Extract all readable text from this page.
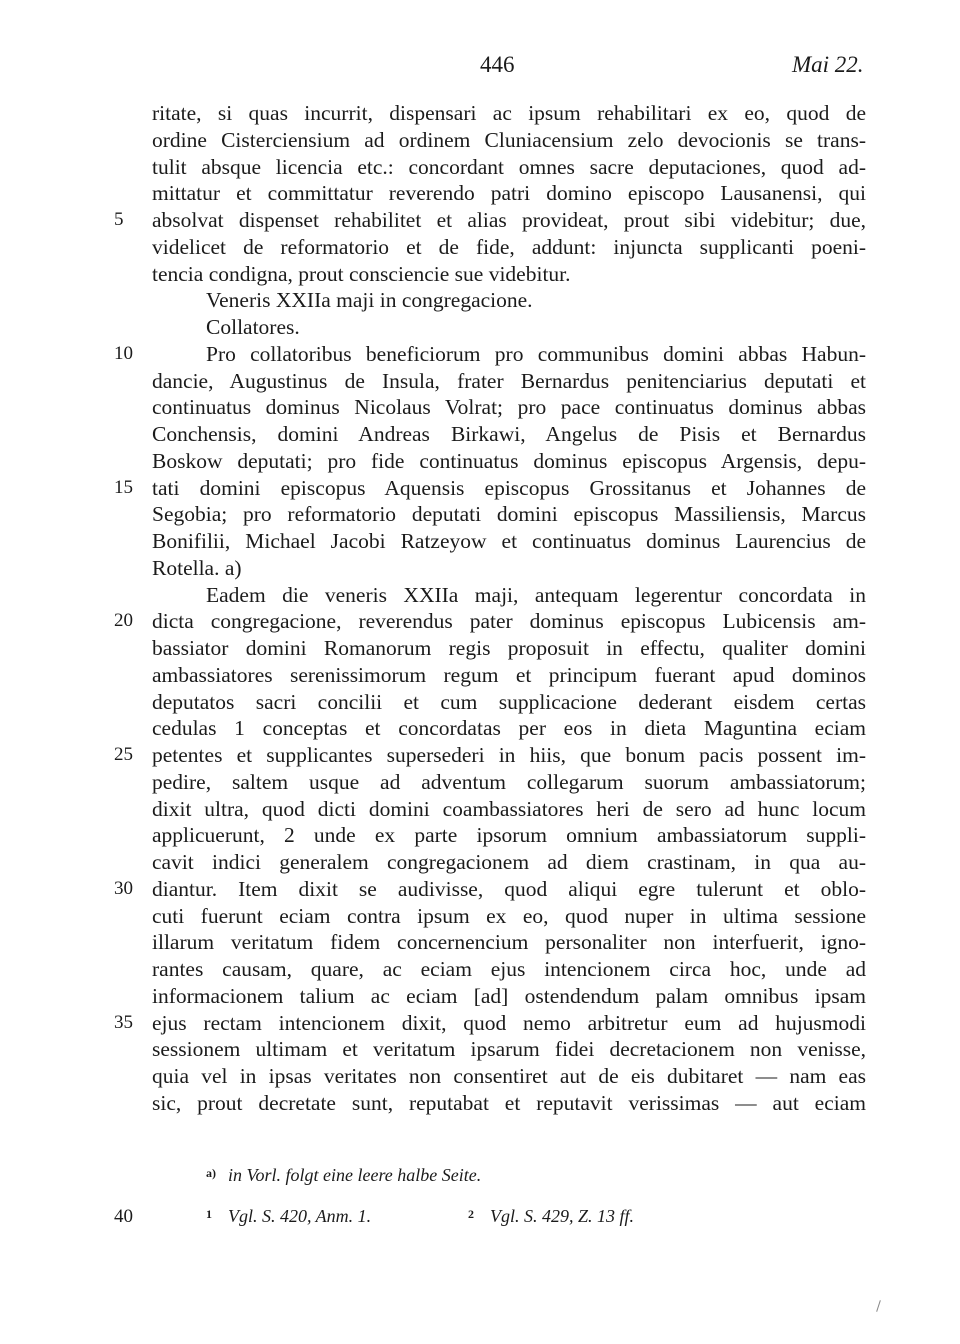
446	Mai 22.
ritate, si quas incurrit, dispensari ac ipsum rehabilitari ex eo, quod de
ordine Cisterciensium ad ordinem Cluniacensium zelo devocionis se trans-
tulit absque licencia etc.: concordant omnes sacre deputaciones, quod ad-
mittatur et committatur reverendo patri domino episcopo Lausanensi, qui
absolvat dispenset rehabilitet et alias provideat, prout sibi videbitur; due,
videlicet de reformatorio et de fide, addunt: injuncta supplicanti poeni-
tencia condigna, prout consciencie sue videbitur.
Veneris XXIIa maji in congregacione.
Collatores.
Pro collatoribus beneficiorum pro communibus domini abbas Habun-
dancie, Augustinus de Insula, frater Bernardus penitenciarius deputati et
continuatus dominus Nicolaus Volrat; pro pace continuatus dominus abbas
Conchensis, domini Andreas Birkawi, Angelus de Pisis et Bernardus
Boskow deputati; pro fide continuatus dominus episcopus Argensis, depu-
tati domini episcopus Aquensis episcopus Grossitanus et Johannes de
Segobia; pro reformatorio deputati domini episcopus Massiliensis, Marcus
Bonifilii, Michael Jacobi Ratzeyow et continuatus dominus Laurencius de
Rotella. a)
Eadem die veneris XXIIa maji, antequam legerentur concordata in
dicta congregacione, reverendus pater dominus episcopus Lubicensis am-
bassiator domini Romanorum regis proposuit in effectu, qualiter domini
ambassiatores serenissimorum regum et principum fuerant apud dominos
deputatos sacri concilii et cum supplicacione dederant eisdem certas
cedulas 1 conceptas et concordatas per eos in dieta Maguntina eciam
petentes et supplicantes supersederi in hiis, que bonum pacis possent im-
pedire, saltem usque ad adventum collegarum suorum ambassiatorum;
dixit ultra, quod dicti domini coambassiatores heri de sero ad hunc locum
applicuerunt, 2 unde ex parte ipsorum omnium ambassiatorum suppli-
cavit indici generalem congregacionem ad diem crastinam, in qua au-
diantur. Item dixit se audivisse, quod aliqui egre tulerunt et oblo-
cuti fuerunt eciam contra ipsum ex eo, quod nuper in ultima sessione
illarum veritatum fidem concernencium personaliter non interfuerit, igno-
rantes causam, quare, ac eciam ejus intencionem circa hoc, unde ad
informacionem talium ac eciam [ad] ostendendum palam omnibus ipsam
ejus rectam intencionem dixit, quod nemo arbitretur eum ad hujusmodi
sessionem ultimam et veritatum ipsarum fidei decretacionem non venisse,
quia vel in ipsas veritates non consentiret aut de eis dubitaret — nam eas
sic, prout decretate sunt, reputabat et reputavit verissimas — aut eciam
5
10
15
20
25
30
35
40
a) in Vorl. folgt eine leere halbe Seite.
1 Vgl. S. 420, Anm. 1.	2 Vgl. S. 429, Z. 13 ff.
